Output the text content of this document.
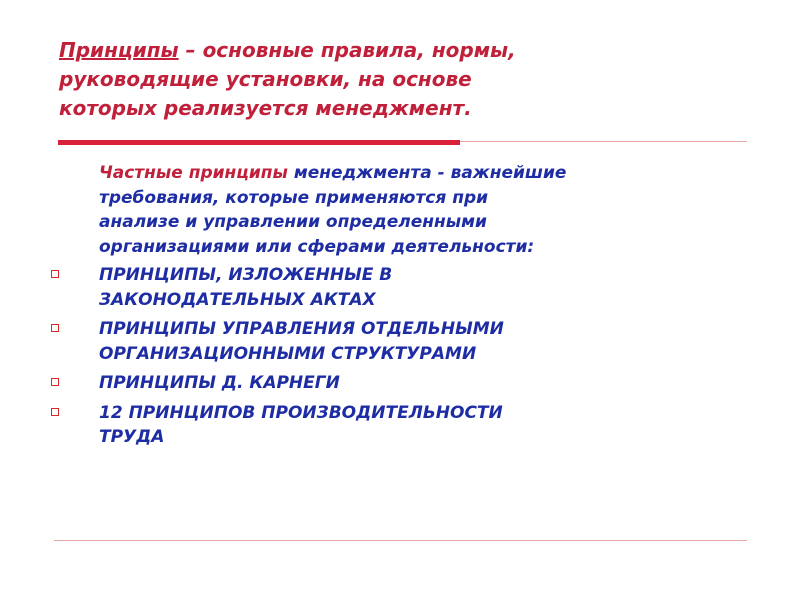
Принципы – основные правила, нормы,
руководящие установки, на основе
которых реализуется менеджмент.

Частные принципы менеджмента - важнейшие
требования, которые применяются при
анализе и управлении определенными
организациями или сферами деятельности:

ПРИНЦИПЫ, ИЗЛОЖЕННЫЕ В
ЗАКОНОДАТЕЛЬНЫХ АКТАХ
ПРИНЦИПЫ УПРАВЛЕНИЯ ОТДЕЛЬНЫМИ
ОРГАНИЗАЦИОННЫМИ СТРУКТУРАМИ
ПРИНЦИПЫ Д. КАРНЕГИ
12 ПРИНЦИПОВ ПРОИЗВОДИТЕЛЬНОСТИ
ТРУДА
